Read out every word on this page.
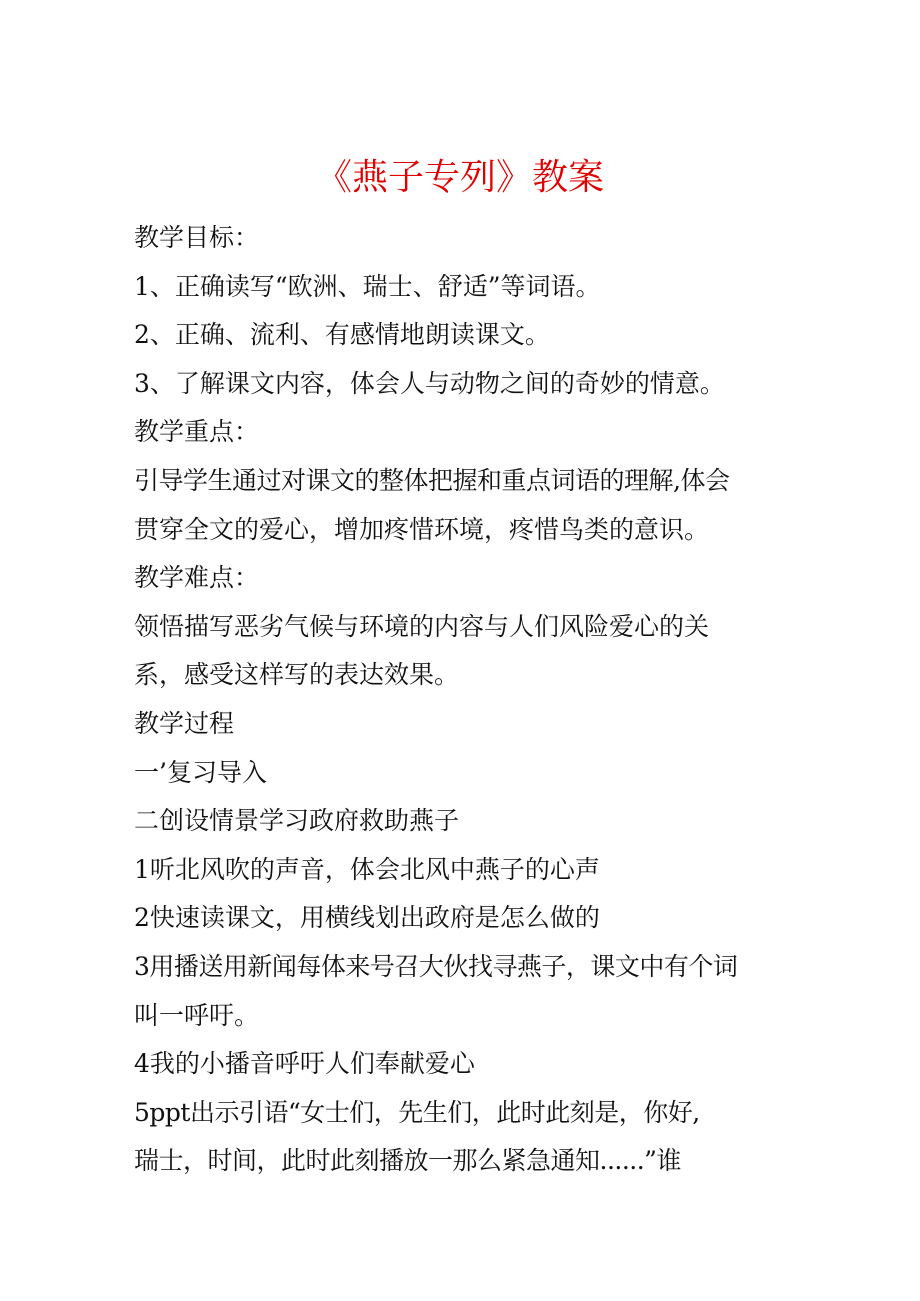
《燕子专列》教案
教学目标：
1、正确读写“欧洲、瑞士、舒适”等词语。
2、正确、流利、有感情地朗读课文。
3、了解课文内容，体会人与动物之间的奇妙的情意。
教学重点：
引导学生通过对课文的整体把握和重点词语的理解,体会
贯穿全文的爱心，增加疼惜环境，疼惜鸟类的意识。
教学难点：
领悟描写恶劣气候与环境的内容与人们风险爱心的关
系，感受这样写的表达效果。
教学过程
一’复习导入
二创设情景学习政府救助燕子
1听北风吹的声音，体会北风中燕子的心声
2快速读课文，用横线划出政府是怎么做的
3用播送用新闻每体来号召大伙找寻燕子，课文中有个词
叫一呼吁。
4我的小播音呼吁人们奉献爱心
5ppt出示引语“女士们，先生们，此时此刻是，你好,
瑞士，时间，此时此刻播放一那么紧急通知......”谁
